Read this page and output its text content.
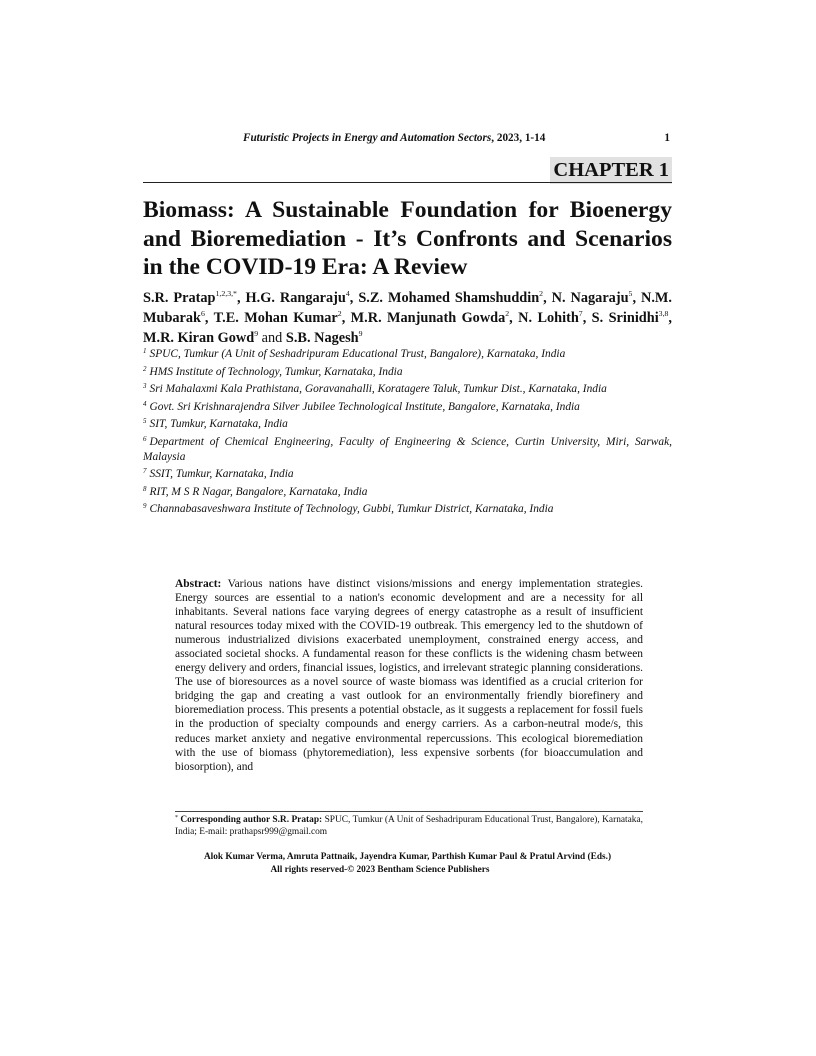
Futuristic Projects in Energy and Automation Sectors, 2023, 1-14	1
CHAPTER 1
Biomass: A Sustainable Foundation for Bioenergy and Bioremediation - It’s Confronts and Scenarios in the COVID-19 Era: A Review

S.R. Pratap$^{1,2,3,*}$, H.G. Rangaraju$^4$, S.Z. Mohamed Shamshuddin$^2$, N. Nagaraju$^5$, N.M. Mubarak$^6$, T.E. Mohan Kumar$^2$, M.R. Manjunath Gowda$^2$, N. Lohith$^7$, S. Srinidhi$^{3,8}$, M.R. Kiran Gowd$^9$ and S.B. Nagesh$^9$

$^1$ SPUC, Tumkur (A Unit of Seshadripuram Educational Trust, Bangalore), Karnataka, India
$^2$ HMS Institute of Technology, Tumkur, Karnataka, India
$^3$ Sri Mahalaxmi Kala Prathistana, Goravanahalli, Koratagere Taluk, Tumkur Dist., Karnataka, India
$^4$ Govt. Sri Krishnarajendra Silver Jubilee Technological Institute, Bangalore, Karnataka, India
$^5$ SIT, Tumkur, Karnataka, India
$^6$ Department of Chemical Engineering, Faculty of Engineering & Science, Curtin University, Miri, Sarwak, Malaysia
$^7$ SSIT, Tumkur, Karnataka, India
$^8$ RIT, M S R Nagar, Bangalore, Karnataka, India
$^9$ Channabasaveshwara Institute of Technology, Gubbi, Tumkur District, Karnataka, India

Abstract: Various nations have distinct visions/missions and energy implementation strategies. Energy sources are essential to a nation's economic development and are a necessity for all inhabitants. Several nations face varying degrees of energy catastrophe as a result of insufficient natural resources today mixed with the COVID-19 outbreak. This emergency led to the shutdown of numerous industrialized divisions exacerbated unemployment, constrained energy access, and associated societal shocks. A fundamental reason for these conflicts is the widening chasm between energy delivery and orders, financial issues, logistics, and irrelevant strategic planning considerations. The use of bioresources as a novel source of waste biomass was identified as a crucial criterion for bridging the gap and creating a vast outlook for an environmentally friendly biorefinery and bioremediation process. This presents a potential obstacle, as it suggests a replacement for fossil fuels in the production of specialty compounds and energy carriers. As a carbon-neutral mode/s, this reduces market anxiety and negative environmental repercussions. This ecological bioremediation with the use of biomass (phytoremediation), less expensive sorbents (for bioaccumulation and biosorption), and

* Corresponding author S.R. Pratap: SPUC, Tumkur (A Unit of Seshadripuram Educational Trust, Bangalore), Karnataka, India; E-mail: prathapsr999@gmail.com

Alok Kumar Verma, Amruta Pattnaik, Jayendra Kumar, Parthish Kumar Paul & Pratul Arvind (Eds.)

All rights reserved-© 2023 Bentham Science Publishers
